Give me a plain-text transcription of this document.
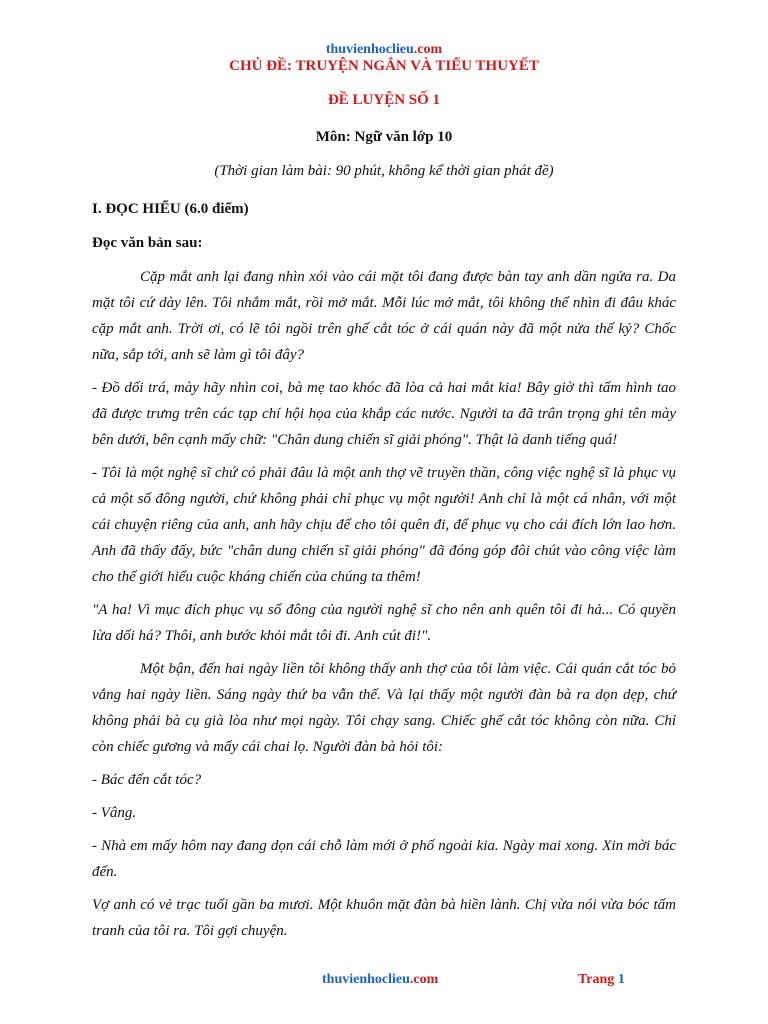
thuvienhoclieu.com
CHỦ ĐỀ: TRUYỆN NGẮN VÀ TIỂU THUYẾT
ĐỀ LUYỆN SỐ 1
Môn: Ngữ văn lớp 10
(Thời gian làm bài: 90 phút, không kể thời gian phát đề)

I. ĐỌC HIỂU (6.0 điểm)

Đọc văn bản sau:

Cặp mắt anh lại đang nhìn xói vào cái mặt tôi đang được bàn tay anh dần ngửa ra. Da mặt tôi cứ dày lên. Tôi nhắm mắt, rồi mở mắt. Mỗi lúc mở mắt, tôi không thể nhìn đi đâu khác cặp mắt anh. Trời ơi, có lẽ tôi ngồi trên ghế cắt tóc ở cái quán này đã một nửa thế kỷ? Chốc nữa, sắp tới, anh sẽ làm gì tôi đây?

- Đồ dối trá, mày hãy nhìn coi, bà mẹ tao khóc đã lòa cả hai mắt kia! Bây giờ thì tấm hình tao đã được trưng trên các tạp chí hội họa của khắp các nước. Người ta đã trân trọng ghi tên mày bên dưới, bên cạnh mấy chữ: "Chân dung chiến sĩ giải phóng". Thật là danh tiếng quá!

- Tôi là một nghệ sĩ chứ có phải đâu là một anh thợ vẽ truyền thần, công việc nghệ sĩ là phục vụ cả một số đông người, chứ không phải chỉ phục vụ một người! Anh chỉ là một cá nhân, với một cái chuyện riêng của anh, anh hãy chịu để cho tôi quên đi, để phục vụ cho cái đích lớn lao hơn. Anh đã thấy đấy, bức "chân dung chiến sĩ giải phóng" đã đóng góp đôi chút vào công việc làm cho thế giới hiểu cuộc kháng chiến của chúng ta thêm!

"A ha! Vì mục đích phục vụ số đông của người nghệ sĩ cho nên anh quên tôi đi hả... Có quyền lừa dối há? Thôi, anh bước khỏi mắt tôi đi. Anh cút đi!".

Một bận, đến hai ngày liền tôi không thấy anh thợ của tôi làm việc. Cái quán cắt tóc bỏ vắng hai ngày liền. Sáng ngày thứ ba vẫn thế. Và lại thấy một người đàn bà ra dọn dẹp, chứ không phải bà cụ già lòa như mọi ngày. Tôi chạy sang. Chiếc ghế cắt tóc không còn nữa. Chỉ còn chiếc gương và mấy cái chai lọ. Người đàn bà hỏi tôi:

- Bác đến cắt tóc?

- Vâng.

- Nhà em mấy hôm nay đang dọn cái chỗ làm mới ở phố ngoài kia. Ngày mai xong. Xin mời bác đến.

Vợ anh có vẻ trạc tuổi gần ba mươi. Một khuôn mặt đàn bà hiền lành. Chị vừa nói vừa bóc tấm tranh của tôi ra. Tôi gợi chuyện.

thuvienhoclieu.com	Trang 1
